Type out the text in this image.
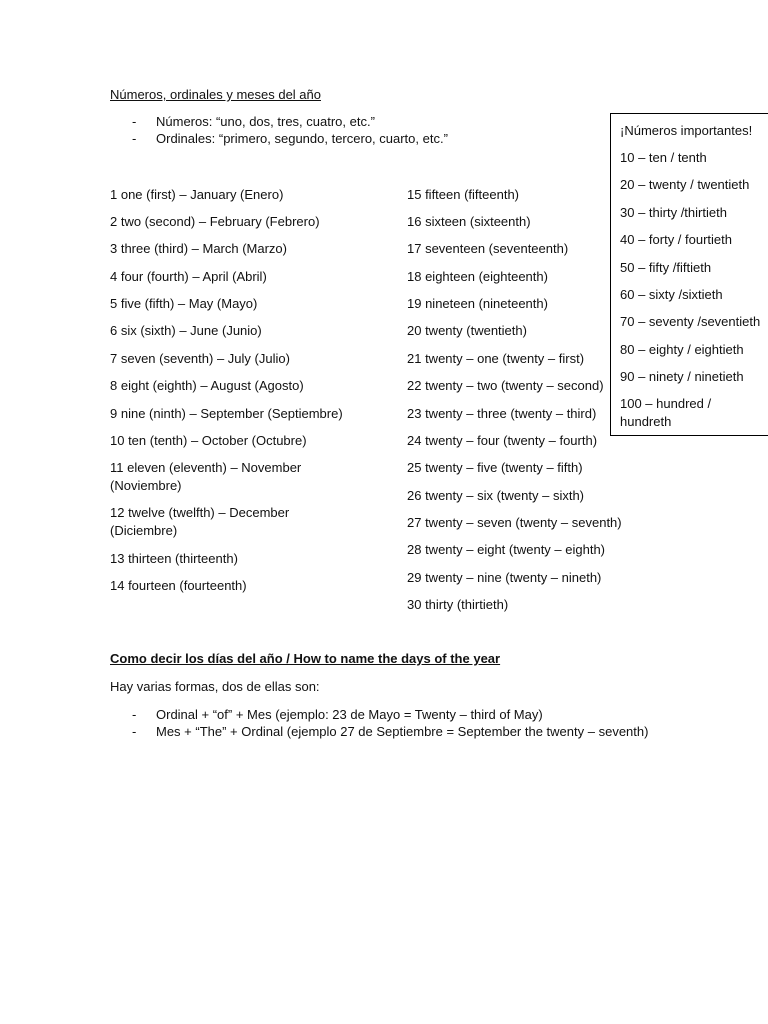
Números, ordinales y meses del año
- Números: “uno, dos, tres, cuatro, etc.”
- Ordinales: “primero, segundo, tercero, cuarto, etc.”
1 one (first) – January (Enero)
2 two (second) – February (Febrero)
3 three (third) – March (Marzo)
4 four (fourth) – April (Abril)
5 five (fifth) – May (Mayo)
6 six (sixth) – June (Junio)
7 seven (seventh) – July (Julio)
8 eight (eighth) – August (Agosto)
9 nine (ninth) – September (Septiembre)
10 ten (tenth) – October (Octubre)
11 eleven (eleventh) – November (Noviembre)
12 twelve (twelfth) – December (Diciembre)
13 thirteen (thirteenth)
14 fourteen (fourteenth)
15 fifteen (fifteenth)
16 sixteen (sixteenth)
17 seventeen (seventeenth)
18 eighteen (eighteenth)
19 nineteen (nineteenth)
20 twenty (twentieth)
21 twenty – one (twenty – first)
22 twenty – two (twenty – second)
23 twenty – three (twenty – third)
24 twenty – four (twenty – fourth)
25 twenty – five (twenty – fifth)
26 twenty – six (twenty – sixth)
27 twenty – seven (twenty – seventh)
28 twenty – eight (twenty – eighth)
29 twenty – nine (twenty – nineth)
30 thirty (thirtieth)
¡Números importantes!
10 – ten / tenth
20 – twenty / twentieth
30 – thirty /thirtieth
40 – forty / fourtieth
50 – fifty /fiftieth
60 – sixty /sixtieth
70 – seventy /seventieth
80 – eighty / eightieth
90 – ninety / ninetieth
100 – hundred / hundreth
Como decir los días del año / How to name the days of the year
Hay varias formas, dos de ellas son:
- Ordinal + “of” + Mes (ejemplo: 23 de Mayo = Twenty – third of May)
- Mes + “The” + Ordinal (ejemplo 27 de Septiembre = September the twenty – seventh)
